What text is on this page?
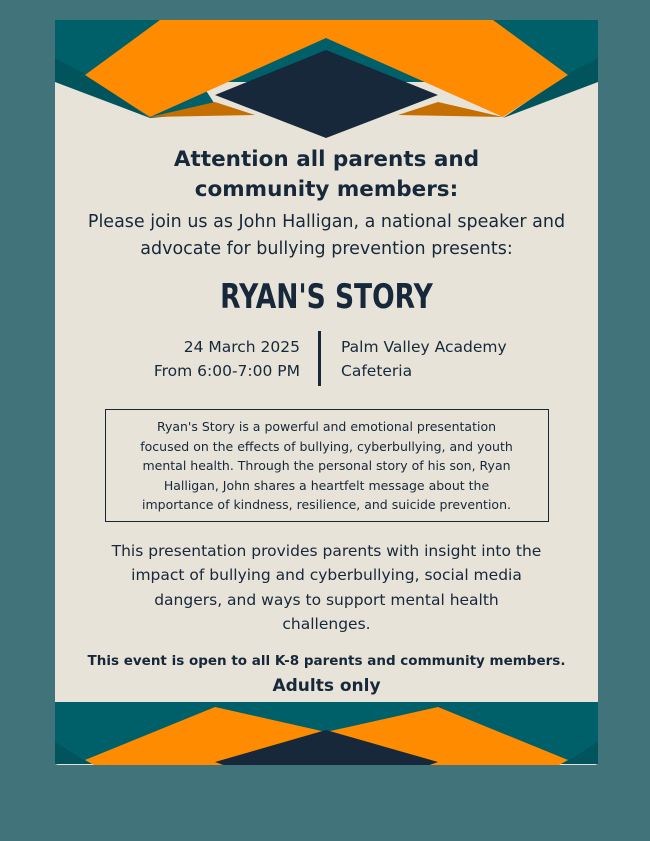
Attention all parents and
community members:

Please join us as John Halligan, a national speaker and
advocate for bullying prevention presents:

RYAN'S STORY
24 March 2025
From 6:00-7:00 PM
Palm Valley Academy
Cafeteria
Ryan's Story is a powerful and emotional presentation
focused on the effects of bullying, cyberbullying, and youth
mental health. Through the personal story of his son, Ryan
Halligan, John shares a heartfelt message about the
importance of kindness, resilience, and suicide prevention.
This presentation provides parents with insight into the
impact of bullying and cyberbullying, social media
dangers, and ways to support mental health
challenges.

This event is open to all K-8 parents and community members.

Adults only
